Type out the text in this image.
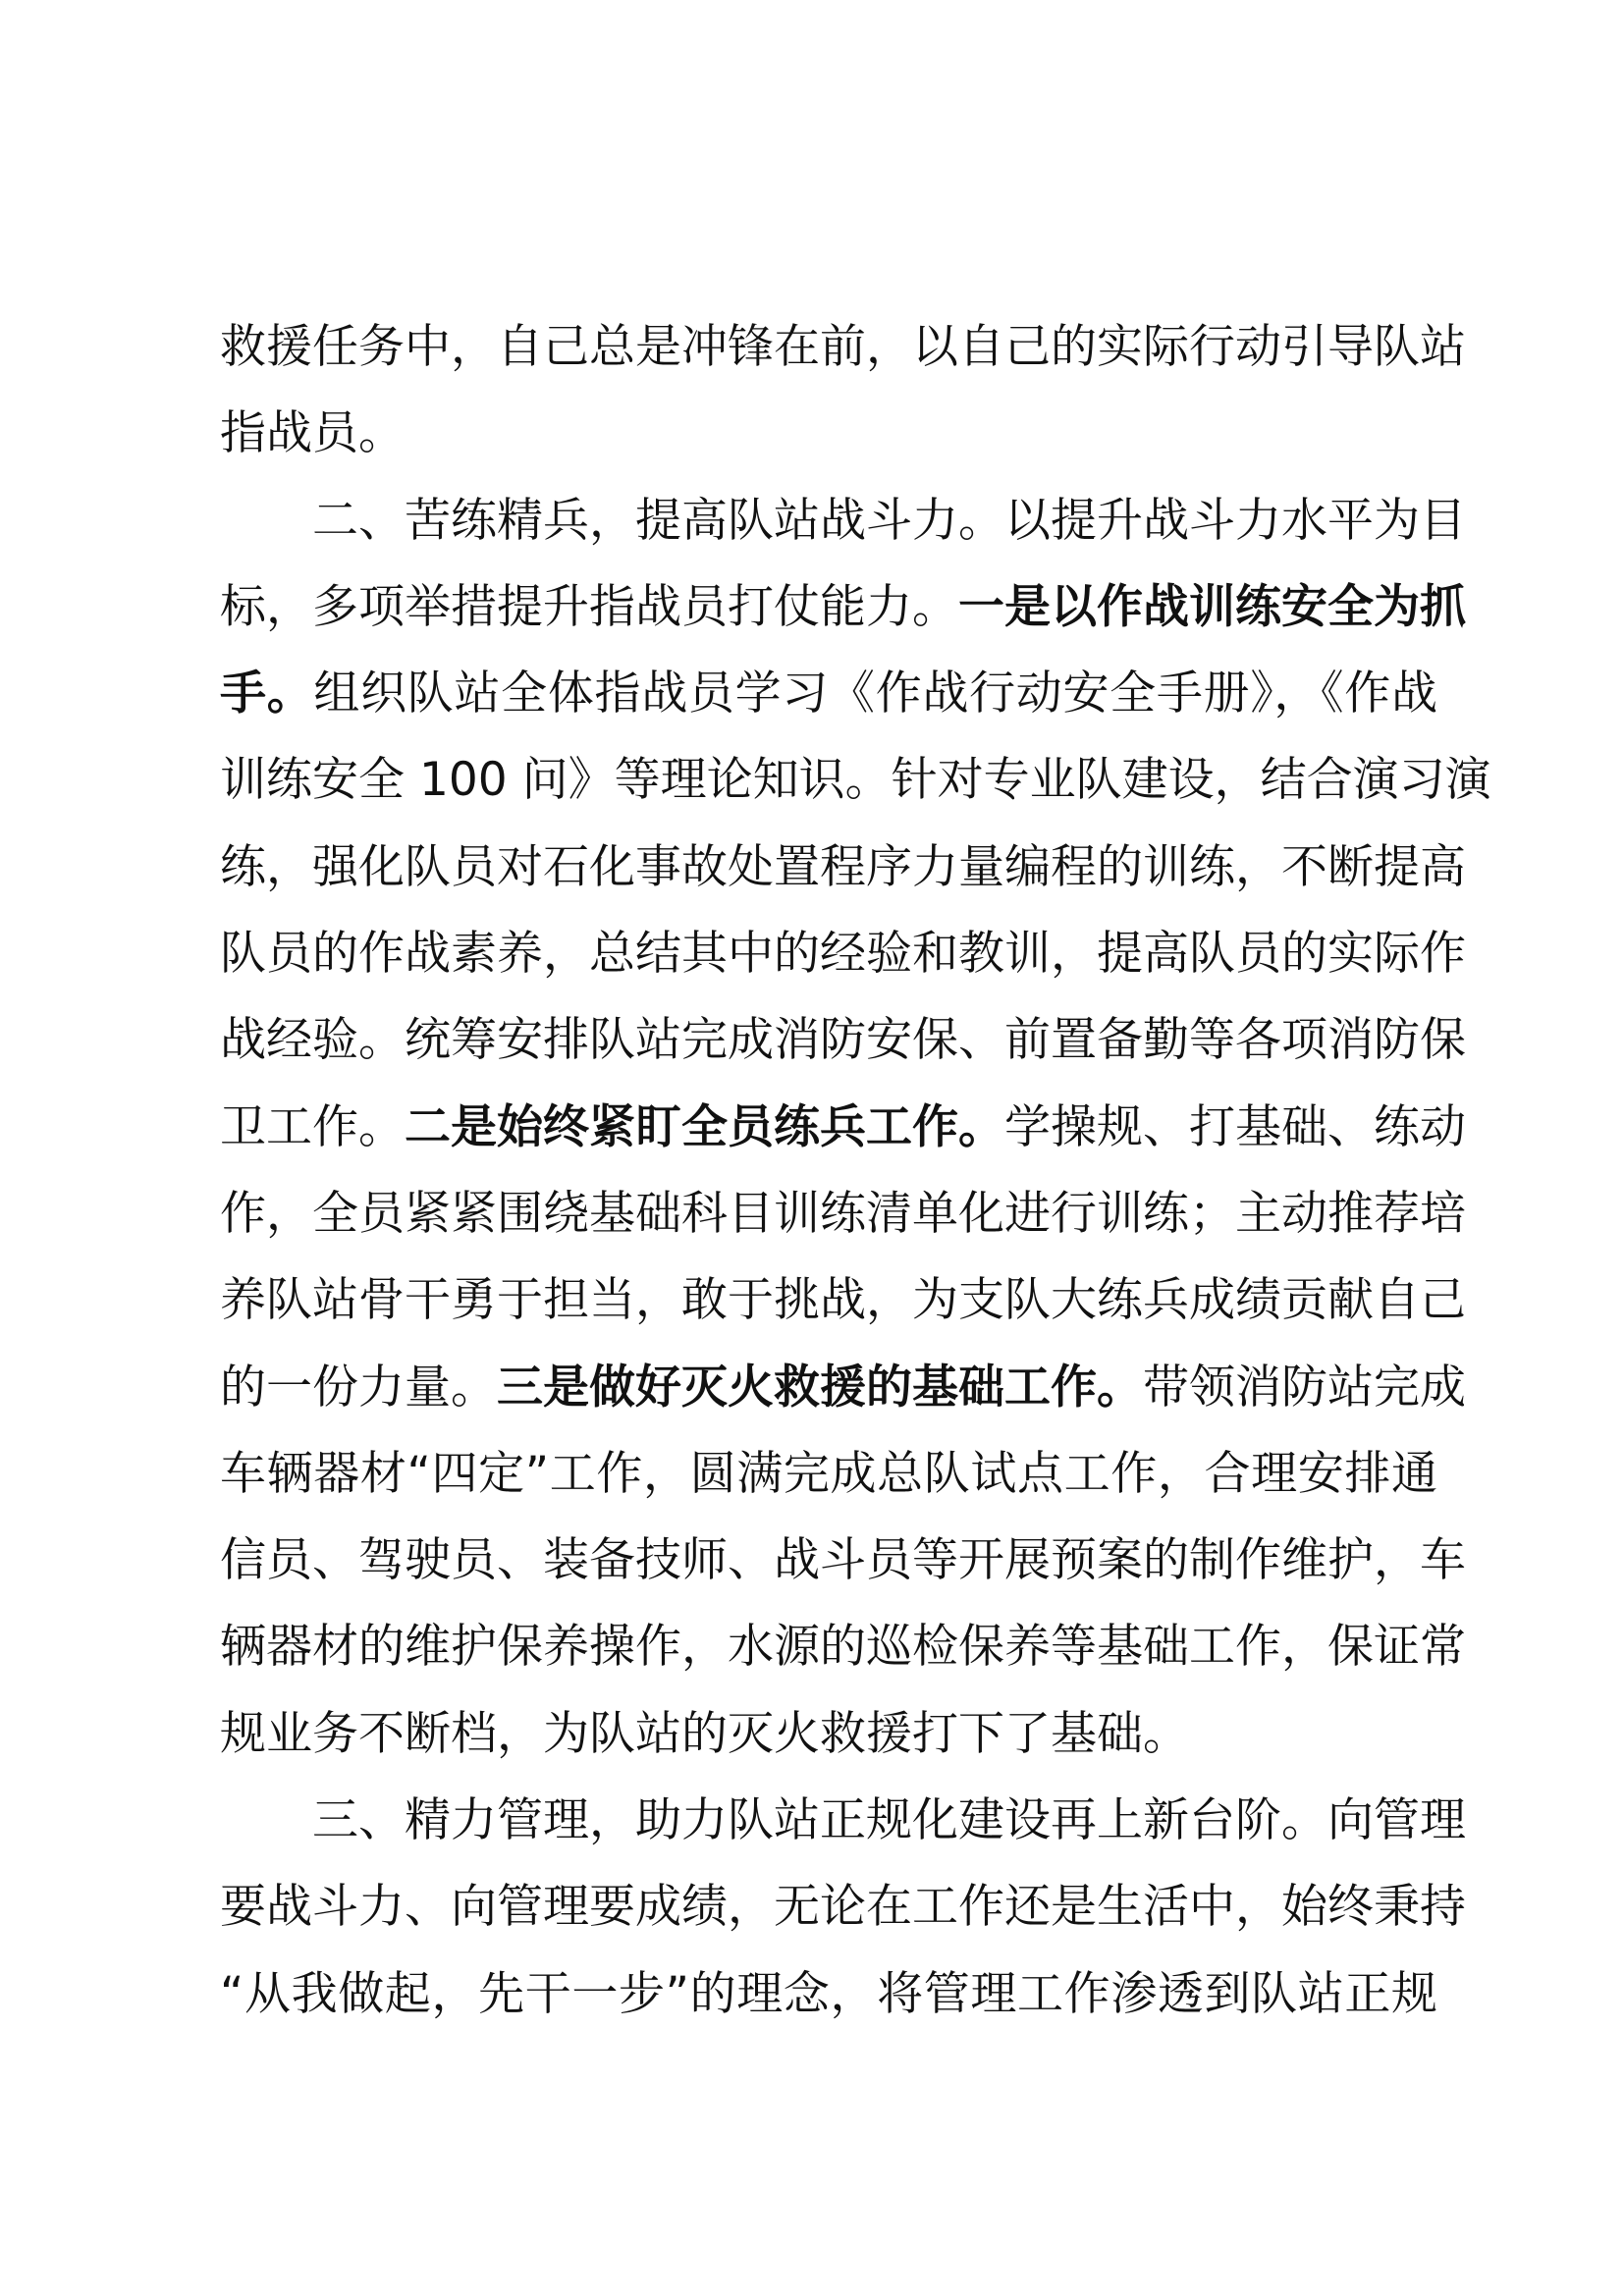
救援任务中，自己总是冲锋在前，以自己的实际行动引导队站
指战员。
　　二、苦练精兵，提高队站战斗力。以提升战斗力水平为目
标，多项举措提升指战员打仗能力。一是以作战训练安全为抓
手。组织队站全体指战员学习《作战行动安全手册》，《作战
训练安全 100 问》等理论知识。针对专业队建设，结合演习演
练，强化队员对石化事故处置程序力量编程的训练，不断提高
队员的作战素养，总结其中的经验和教训，提高队员的实际作
战经验。统筹安排队站完成消防安保、前置备勤等各项消防保
卫工作。二是始终紧盯全员练兵工作。学操规、打基础、练动
作，全员紧紧围绕基础科目训练清单化进行训练；主动推荐培
养队站骨干勇于担当，敢于挑战，为支队大练兵成绩贡献自己
的一份力量。三是做好灭火救援的基础工作。带领消防站完成
车辆器材“四定”工作，圆满完成总队试点工作，合理安排通
信员、驾驶员、装备技师、战斗员等开展预案的制作维护，车
辆器材的维护保养操作，水源的巡检保养等基础工作，保证常
规业务不断档，为队站的灭火救援打下了基础。
　　三、精力管理，助力队站正规化建设再上新台阶。向管理
要战斗力、向管理要成绩，无论在工作还是生活中，始终秉持
“从我做起，先干一步”的理念，将管理工作渗透到队站正规
